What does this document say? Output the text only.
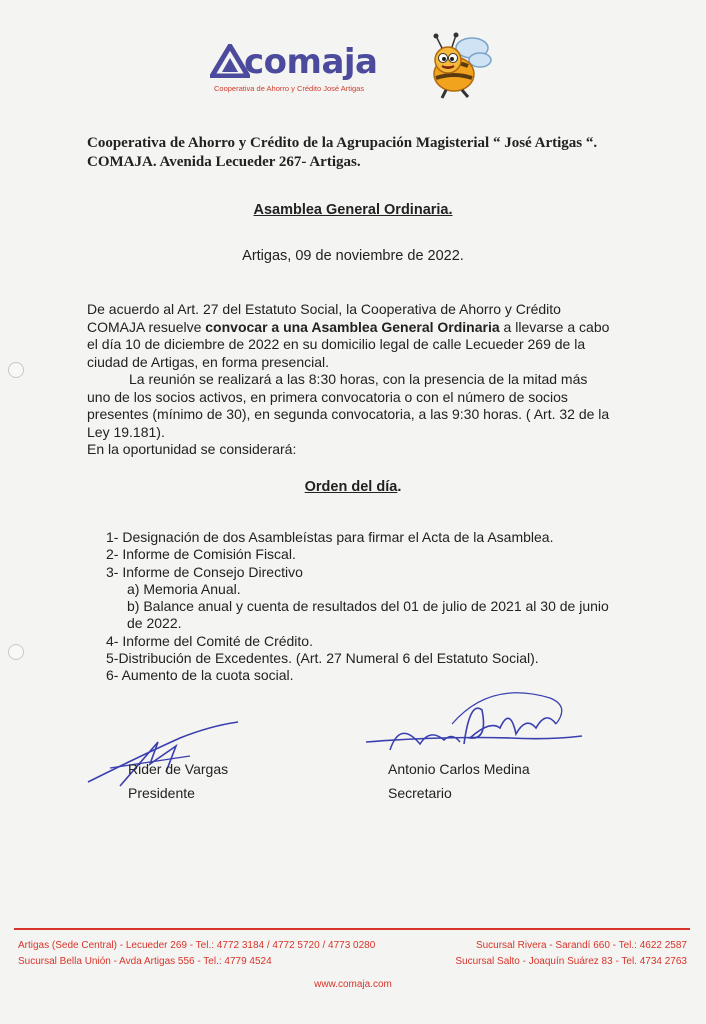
comaja
Cooperativa de Ahorro y Crédito José Artigas
Cooperativa de Ahorro y Crédito de la Agrupación Magisterial “ José Artigas “.
COMAJA. Avenida Lecueder 267- Artigas.
Asamblea General Ordinaria.
Artigas, 09 de noviembre de 2022.

De acuerdo al Art. 27 del Estatuto Social, la Cooperativa de Ahorro y Crédito COMAJA resuelve convocar a una Asamblea General Ordinaria a llevarse a cabo el día 10 de diciembre de 2022 en su domicilio legal de calle Lecueder 269 de la ciudad de Artigas, en forma presencial.

La reunión se realizará a las 8:30 horas, con la presencia de la mitad más uno de los socios activos, en primera convocatoria o con el número de socios presentes (mínimo de 30), en segunda convocatoria, a las 9:30 horas. ( Art. 32 de la Ley 19.181).

En la oportunidad se considerará:

Orden del día.
1- Designación de dos Asambleístas para firmar el Acta de la Asamblea.
2- Informe de Comisión Fiscal.
3- Informe de Consejo Directivo
a) Memoria Anual.
b) Balance anual y cuenta de resultados del 01 de julio de 2021 al 30 de junio de 2022.
4- Informe del Comité de Crédito.
5-Distribución de Excedentes. (Art. 27 Numeral 6 del Estatuto Social).
6- Aumento de la cuota social.
Rider de Vargas
Presidente
Antonio Carlos Medina
Secretario
Artigas (Sede Central) - Lecueder 269 - Tel.: 4772 3184 / 4772 5720 / 4773 0280
Sucursal Bella Unión - Avda Artigas 556 - Tel.: 4779 4524
Sucursal Rivera - Sarandí 660 - Tel.: 4622 2587
Sucursal Salto - Joaquín Suárez 83 - Tel. 4734 2763
www.comaja.com
